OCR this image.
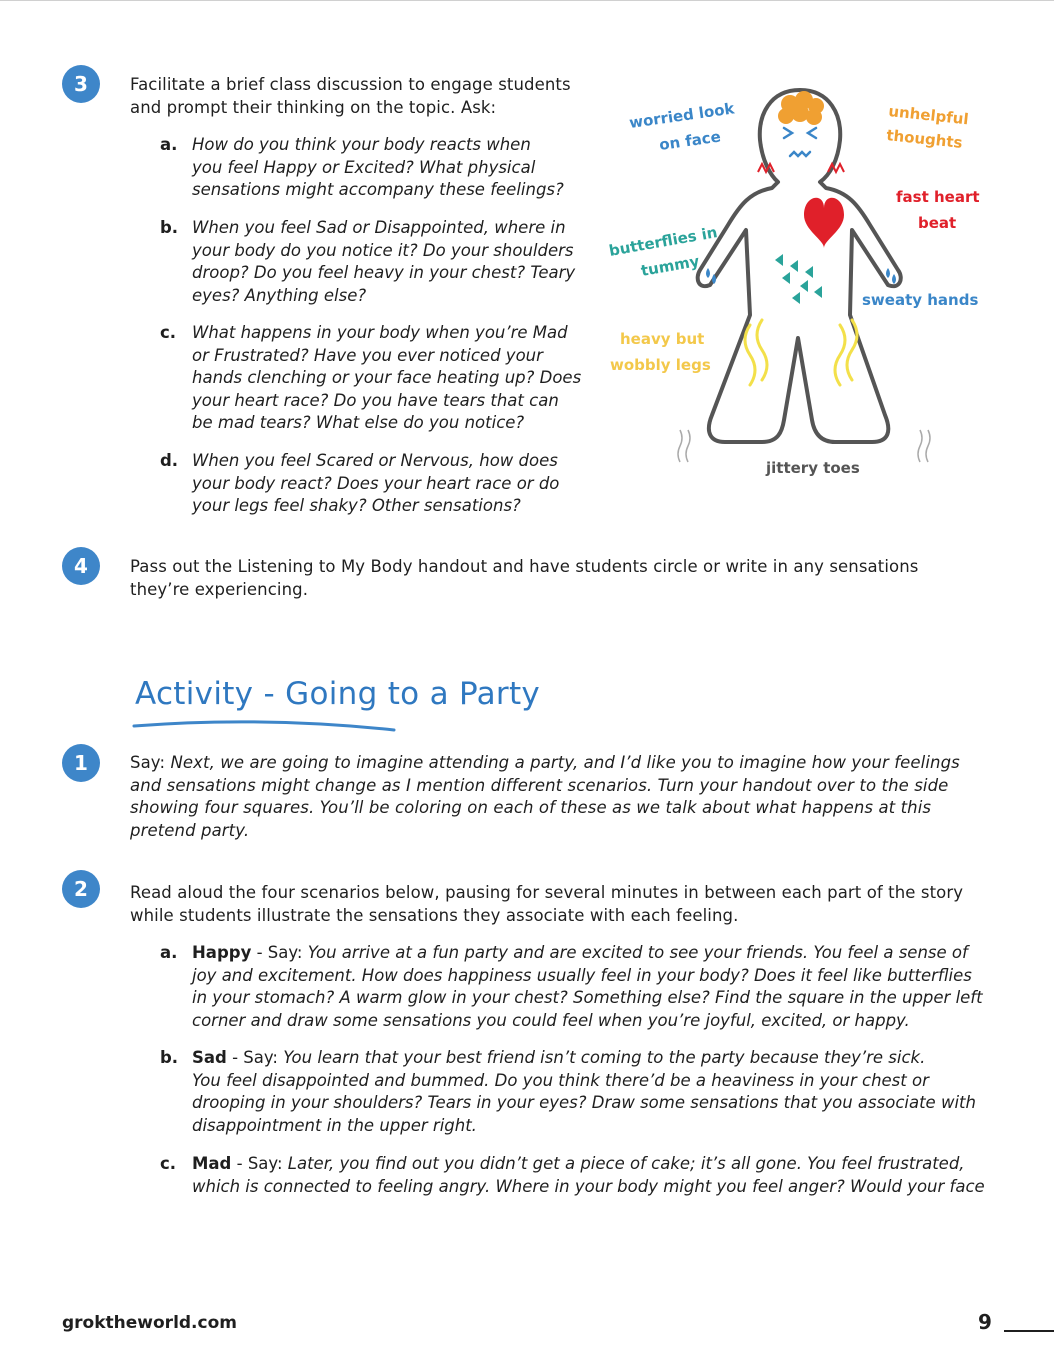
3	Facilitate a brief class discussion to engage students
and prompt their thinking on the topic. Ask:
a. How do you think your body reacts when
you feel Happy or Excited? What physical
sensations might accompany these feelings?
b. When you feel Sad or Disappointed, where in
your body do you notice it? Do your shoulders
droop? Do you feel heavy in your chest? Teary
eyes? Anything else?
c. What happens in your body when you’re Mad
or Frustrated? Have you ever noticed your
hands clenching or your face heating up? Does
your heart race? Do you have tears that can
be mad tears? What else do you notice?
d. When you feel Scared or Nervous, how does
your body react? Does your heart race or do
your legs feel shaky? Other sensations?
worried look
on face
unhelpful
thoughts
fast heart
beat
butterflies in
tummy
sweaty hands
heavy but
wobbly legs
jittery toes
4	Pass out the Listening to My Body handout and have students circle or write in any sensations
they’re experiencing.
Activity - Going to a Party
1	Say: Next, we are going to imagine attending a party, and I’d like you to imagine how your feelings
and sensations might change as I mention different scenarios. Turn your handout over to the side
showing four squares. You’ll be coloring on each of these as we talk about what happens at this
pretend party.
2	Read aloud the four scenarios below, pausing for several minutes in between each part of the story
while students illustrate the sensations they associate with each feeling.
a. Happy - Say: You arrive at a fun party and are excited to see your friends. You feel a sense of
joy and excitement. How does happiness usually feel in your body? Does it feel like butterflies
in your stomach? A warm glow in your chest? Something else? Find the square in the upper left
corner and draw some sensations you could feel when you’re joyful, excited, or happy.
b. Sad - Say: You learn that your best friend isn’t coming to the party because they’re sick.
You feel disappointed and bummed. Do you think there’d be a heaviness in your chest or
drooping in your shoulders? Tears in your eyes? Draw some sensations that you associate with
disappointment in the upper right.
c. Mad - Say: Later, you find out you didn’t get a piece of cake; it’s all gone. You feel frustrated,
which is connected to feeling angry. Where in your body might you feel anger? Would your face
groktheworld.com	9
